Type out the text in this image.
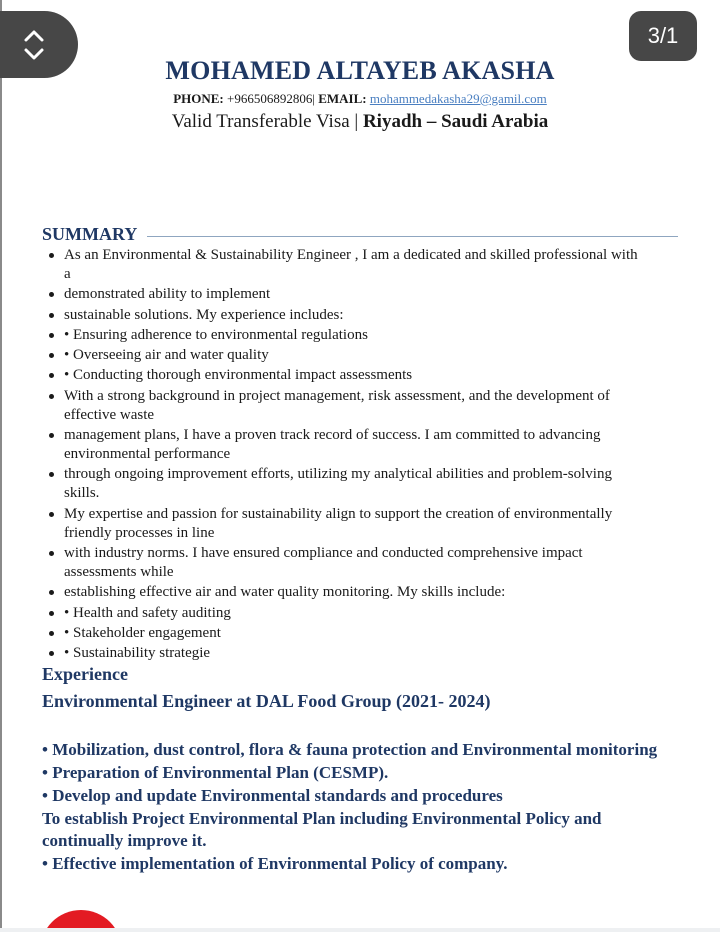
MOHAMED ALTAYEB AKASHA
PHONE: +966506892806| EMAIL: mohammedakasha29@gamil.com
Valid Transferable Visa | Riyadh – Saudi Arabia
SUMMARY
As an Environmental & Sustainability Engineer , I am a dedicated and skilled professional with a
demonstrated ability to implement
sustainable solutions. My experience includes:
• Ensuring adherence to environmental regulations
• Overseeing air and water quality
• Conducting thorough environmental impact assessments
With a strong background in project management, risk assessment, and the development of effective waste
management plans, I have a proven track record of success. I am committed to advancing environmental performance
through ongoing improvement efforts, utilizing my analytical abilities and problem-solving skills.
My expertise and passion for sustainability align to support the creation of environmentally friendly processes in line
with industry norms. I have ensured compliance and conducted comprehensive impact assessments while
establishing effective air and water quality monitoring. My skills include:
• Health and safety auditing
• Stakeholder engagement
• Sustainability strategie
Experience
Environmental Engineer at DAL Food Group (2021- 2024)
• Mobilization, dust control, flora & fauna protection and Environmental monitoring
• Preparation of Environmental Plan (CESMP).
• Develop and update Environmental standards and procedures
To establish Project Environmental Plan including Environmental Policy and continually improve it.
• Effective implementation of Environmental Policy of company.
3/1
